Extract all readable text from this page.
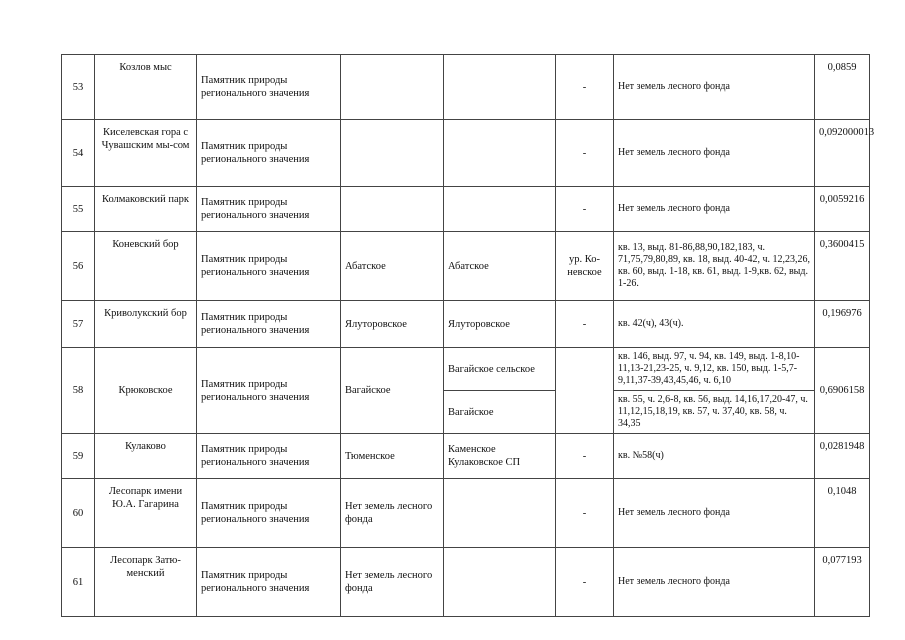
53	Козлов мыс	Памятник природы регионального значения			-	Нет земель лесного фонда	0,0859
54	Киселевская гора с Чувашским мы-сом	Памятник природы регионального значения			-	Нет земель лесного фонда	0,092000013
55	Колмаковский парк	Памятник природы регионального значения			-	Нет земель лесного фонда	0,0059216
56	Коневский бор	Памятник природы регионального значения	Абатское	Абатское	ур. Ко-невское	кв. 13, выд. 81-86,88,90,182,183, ч. 71,75,79,80,89, кв. 18, выд. 40-42, ч. 12,23,26, кв. 60, выд. 1-18, кв. 61, выд. 1-9,кв. 62, выд. 1-26.	0,3600415
57	Криволукский бор	Памятник природы регионального значения	Ялуторовское	Ялуторовское	-	кв. 42(ч), 43(ч).	0,196976
58	Крюковское	Памятник природы регионального значения	Вагайское	Вагайское сельское		кв. 146, выд. 97, ч. 94, кв. 149, выд. 1-8,10-11,13-21,23-25, ч. 9,12, кв. 150, выд. 1-5,7-9,11,37-39,43,45,46, ч. 6,10	0,6906158
				Вагайское		кв. 55, ч. 2,6-8, кв. 56, выд. 14,16,17,20-47, ч. 11,12,15,18,19, кв. 57, ч. 37,40, кв. 58, ч. 34,35	
59	Кулаково	Памятник природы регионального значения	Тюменское	Каменское Кулаковское СП	-	кв. №58(ч)	0,0281948
60	Лесопарк имени Ю.А. Гагарина	Памятник природы регионального значения	Нет земель лесного фонда		-	Нет земель лесного фонда	0,1048
61	Лесопарк Затю-менский	Памятник природы регионального значения	Нет земель лесного фонда		-	Нет земель лесного фонда	0,077193
